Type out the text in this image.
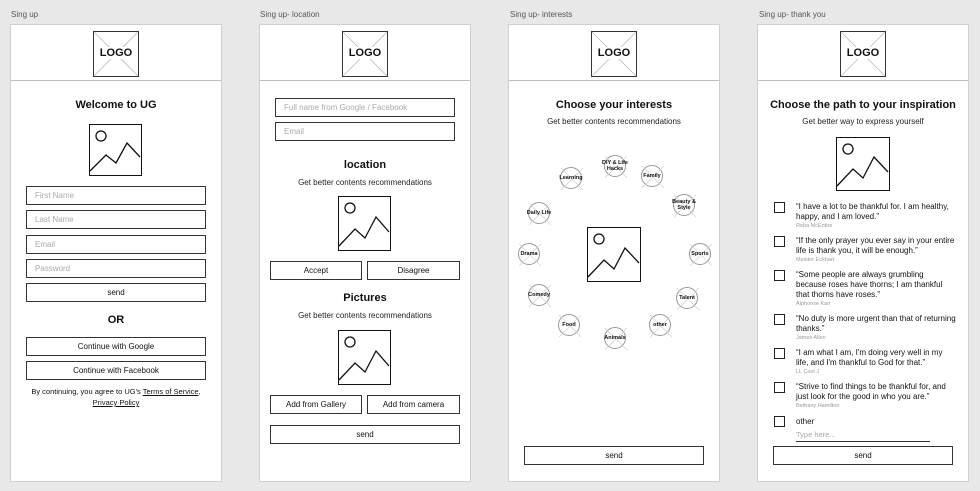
Sing up
LOGO
Welcome to UG
First Name
Last Name
Email
Password
send
OR
Continue with Google
Continue with Facebook
By continuing, you agree to UG's Terms of Service,
Privacy Policy
Sing up- location
LOGO
Full name from Google / Facebook
Email
location
Get better contents recommendations
Accept	Disagree
Pictures
Get better contents recommendations
Add from Gallery	Add from camera
send
Sing up- interests
LOGO
Choose your interests
Get better contents recommendations
DIY & Life Hacks
Family
Beauty & Style
Sports
Talent
other
Animals
Food
Comedy
Drama
Daily Life
Learning
send
Sing up- thank you
LOGO
Choose the path to your inspiration
Get better way to express yourself
“I have a lot to be thankful for. I am healthy, happy, and I am loved.”
Reba McEntire
“If the only prayer you ever say in your entire life is thank you, it will be enough.”
Meister Eckhart
“Some people are always grumbling because roses have thorns; I am thankful that thorns have roses.”
Alphonse Karr
“No duty is more urgent than that of returning thanks.”
James Allen
“I am what I am, I'm doing very well in my life, and I'm thankful to God for that.”
LL Cool J
“Strive to find things to be thankful for, and just look for the good in who you are.”
Bethany Hamilton
other
Type here...
send
